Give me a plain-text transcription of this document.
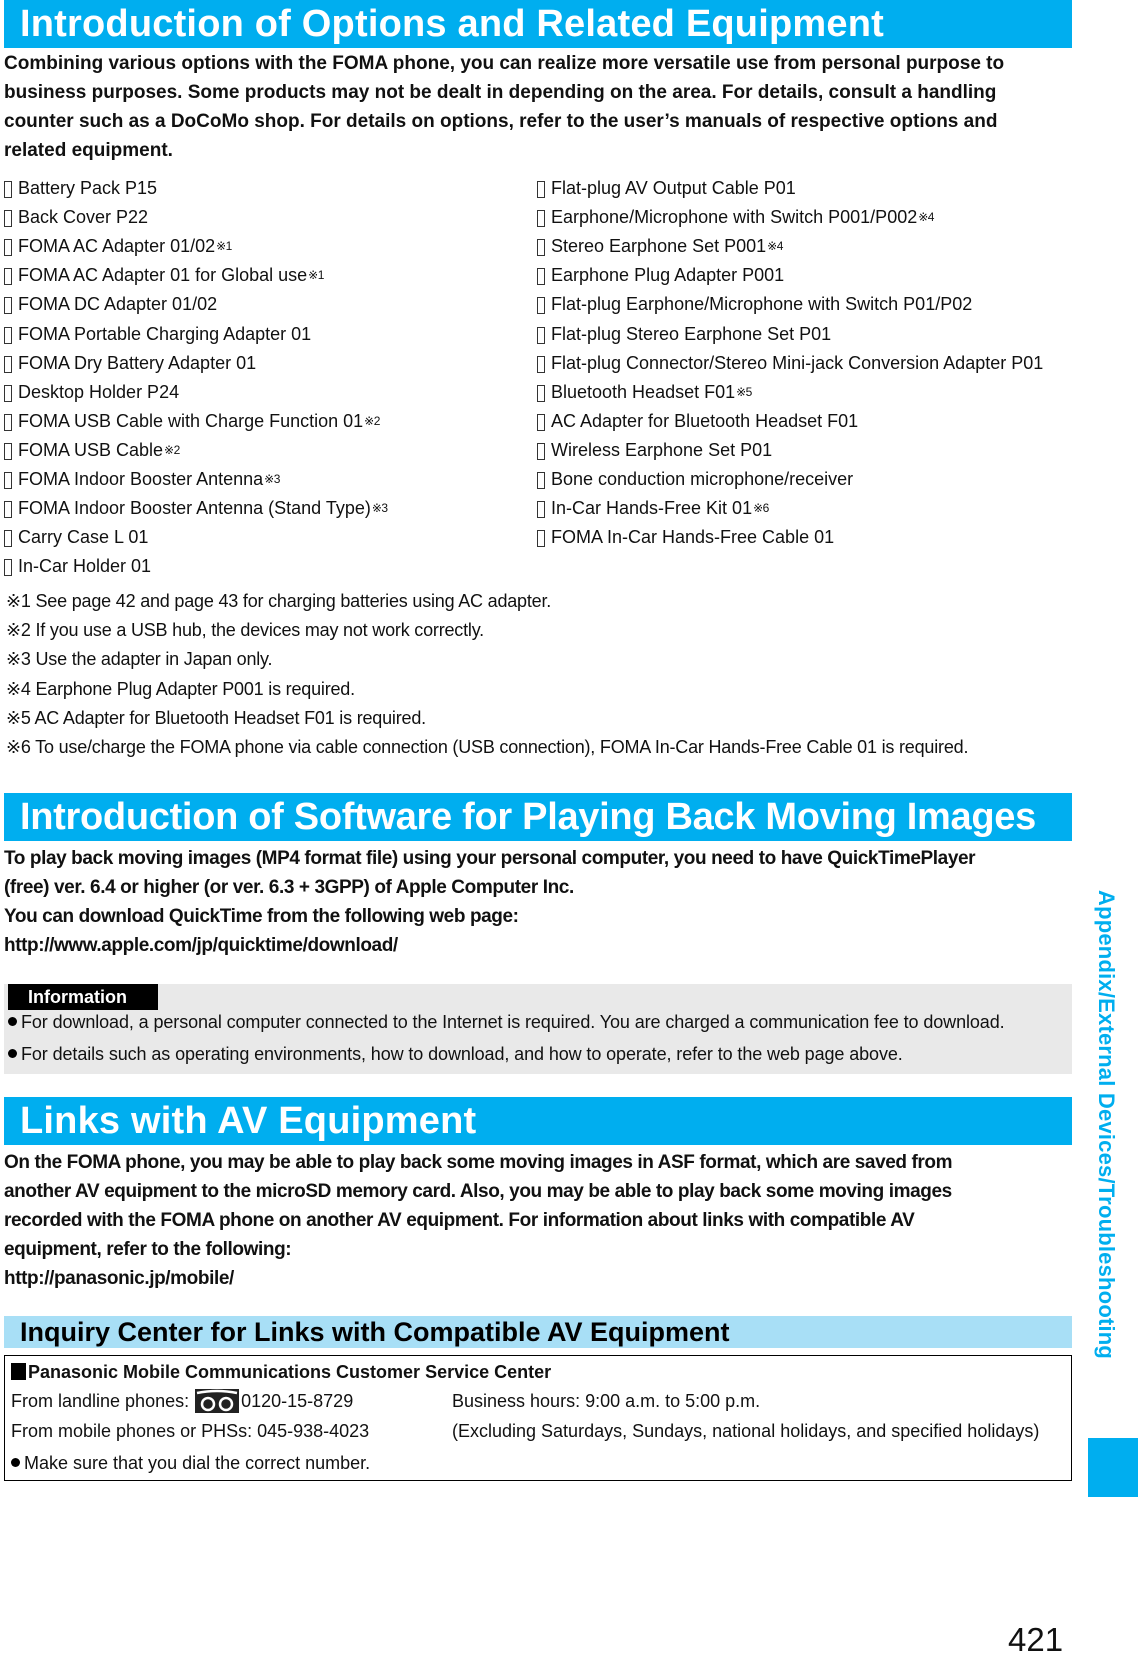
Introduction of Options and Related Equipment
Combining various options with the FOMA phone, you can realize more versatile use from personal purpose to
business purposes. Some products may not be dealt in depending on the area. For details, consult a handling
counter such as a DoCoMo shop. For details on options, refer to the user’s manuals of respective options and
related equipment.
Battery Pack P15
Back Cover P22
FOMA AC Adapter 01/02 ※1
FOMA AC Adapter 01 for Global use ※1
FOMA DC Adapter 01/02
FOMA Portable Charging Adapter 01
FOMA Dry Battery Adapter 01
Desktop Holder P24
FOMA USB Cable with Charge Function 01 ※2
FOMA USB Cable ※2
FOMA Indoor Booster Antenna ※3
FOMA Indoor Booster Antenna (Stand Type) ※3
Carry Case L 01
In-Car Holder 01
Flat-plug AV Output Cable P01
Earphone/Microphone with Switch P001/P002 ※4
Stereo Earphone Set P001 ※4
Earphone Plug Adapter P001
Flat-plug Earphone/Microphone with Switch P01/P02
Flat-plug Stereo Earphone Set P01
Flat-plug Connector/Stereo Mini-jack Conversion Adapter P01
Bluetooth Headset F01 ※5
AC Adapter for Bluetooth Headset F01
Wireless Earphone Set P01
Bone conduction microphone/receiver
In-Car Hands-Free Kit 01 ※6
FOMA In-Car Hands-Free Cable 01
※1 See page 42 and page 43 for charging batteries using AC adapter.
※2 If you use a USB hub, the devices may not work correctly.
※3 Use the adapter in Japan only.
※4 Earphone Plug Adapter P001 is required.
※5 AC Adapter for Bluetooth Headset F01 is required.
※6 To use/charge the FOMA phone via cable connection (USB connection), FOMA In-Car Hands-Free Cable 01 is required.
Introduction of Software for Playing Back Moving Images
To play back moving images (MP4 format file) using your personal computer, you need to have QuickTimePlayer
(free) ver. 6.4 or higher (or ver. 6.3 + 3GPP) of Apple Computer Inc.
You can download QuickTime from the following web page:
http://www.apple.com/jp/quicktime/download/
Information
For download, a personal computer connected to the Internet is required. You are charged a communication fee to download.
For details such as operating environments, how to download, and how to operate, refer to the web page above.
Links with AV Equipment
On the FOMA phone, you may be able to play back some moving images in ASF format, which are saved from
another AV equipment to the microSD memory card. Also, you may be able to play back some moving images
recorded with the FOMA phone on another AV equipment. For information about links with compatible AV
equipment, refer to the following:
http://panasonic.jp/mobile/
Inquiry Center for Links with Compatible AV Equipment
Panasonic Mobile Communications Customer Service Center
From landline phones:	0120-15-8729
From mobile phones or PHSs: 045-938-4023
Make sure that you dial the correct number.
Business hours: 9:00 a.m. to 5:00 p.m.
(Excluding Saturdays, Sundays, national holidays, and specified holidays)
Appendix/External Devices/Troubleshooting
421
